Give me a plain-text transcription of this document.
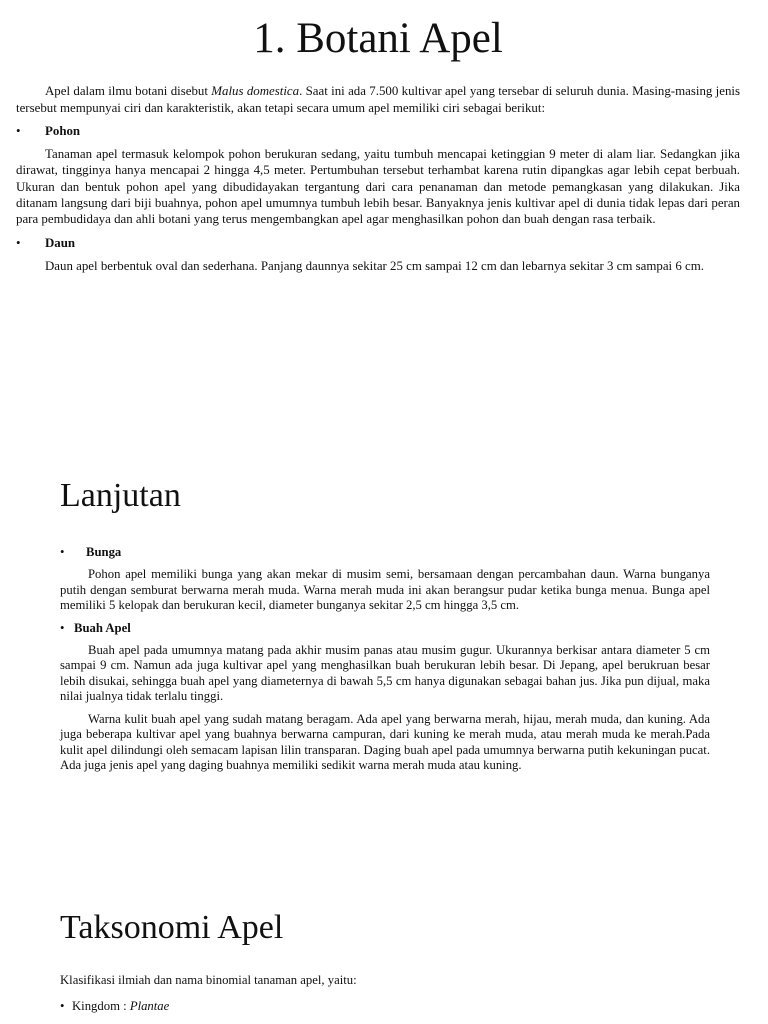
1. Botani Apel

Apel dalam ilmu botani disebut Malus domestica. Saat ini ada 7.500 kultivar apel yang tersebar di seluruh dunia. Masing-masing jenis tersebut mempunyai ciri dan karakteristik, akan tetapi secara umum apel memiliki ciri sebagai berikut:

•	Pohon

Tanaman apel termasuk kelompok pohon berukuran sedang, yaitu tumbuh mencapai ketinggian 9 meter di alam liar. Sedangkan jika dirawat, tingginya hanya mencapai 2 hingga 4,5 meter. Pertumbuhan tersebut terhambat karena rutin dipangkas agar lebih cepat berbuah. Ukuran dan bentuk pohon apel yang dibudidayakan tergantung dari cara penanaman dan metode pemangkasan yang dilakukan. Jika ditanam langsung dari biji buahnya, pohon apel umumnya tumbuh lebih besar. Banyaknya jenis kultivar apel di dunia tidak lepas dari peran para pembudidaya dan ahli botani yang terus mengembangkan apel agar menghasilkan pohon dan buah dengan rasa terbaik.

•	Daun

Daun apel berbentuk oval dan sederhana. Panjang daunnya sekitar 25 cm sampai 12 cm dan lebarnya sekitar 3 cm sampai 6 cm.

Lanjutan
•	Bunga

Pohon apel memiliki bunga yang akan mekar di musim semi, bersamaan dengan percambahan daun. Warna bunganya putih dengan semburat berwarna merah muda. Warna merah muda ini akan berangsur pudar ketika bunga menua. Bunga apel memiliki 5 kelopak dan berukuran kecil, diameter bunganya sekitar 2,5 cm hingga 3,5 cm.

• Buah Apel

Buah apel pada umumnya matang pada akhir musim panas atau musim gugur. Ukurannya berkisar antara diameter 5 cm sampai 9 cm. Namun ada juga kultivar apel yang menghasilkan buah berukuran lebih besar. Di Jepang, apel berukruan besar lebih disukai, sehingga buah apel yang diameternya di bawah 5,5 cm hanya digunakan sebagai bahan jus. Jika pun dijual, maka nilai jualnya tidak terlalu tinggi.

Warna kulit buah apel yang sudah matang beragam. Ada apel yang berwarna merah, hijau, merah muda, dan kuning. Ada juga beberapa kultivar apel yang buahnya berwarna campuran, dari kuning ke merah muda, atau merah muda ke merah.Pada kulit apel dilindungi oleh semacam lapisan lilin transparan. Daging buah apel pada umumnya berwarna putih kekuningan pucat. Ada juga jenis apel yang daging buahnya memiliki sedikit warna merah muda atau kuning.

Taksonomi Apel

Klasifikasi ilmiah dan nama binomial tanaman apel, yaitu:

• Kingdom : Plantae
